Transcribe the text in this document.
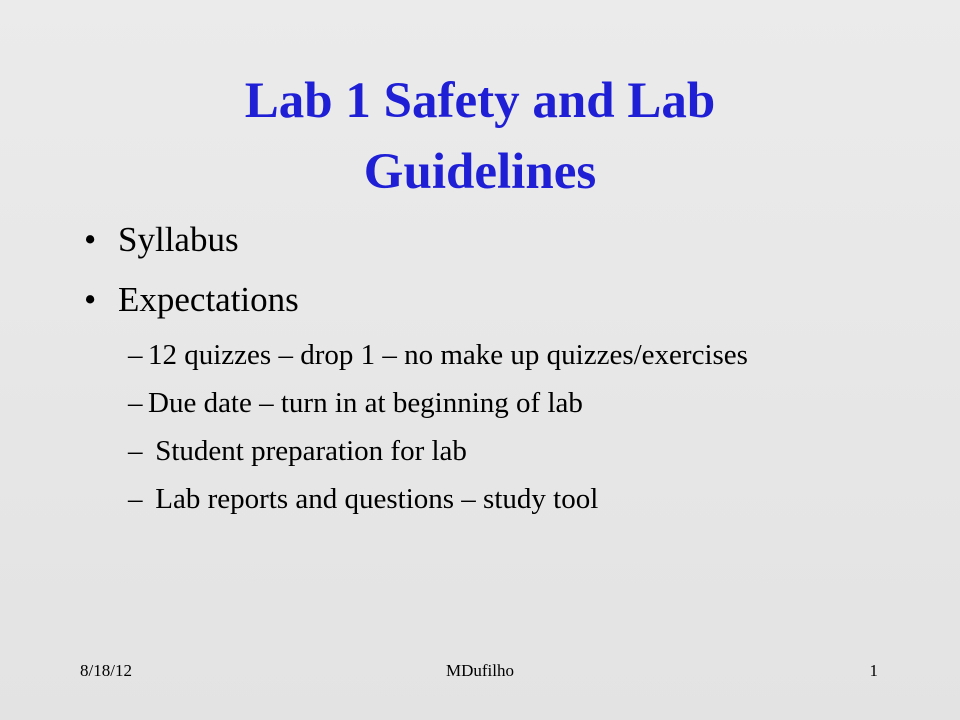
Lab 1 Safety and Lab
Guidelines
• Syllabus
• Expectations
– 12 quizzes – drop 1 – no make up quizzes/exercises
– Due date – turn in at beginning of lab
– Student preparation for lab
– Lab reports and questions – study tool
8/18/12	MDufilho	1
